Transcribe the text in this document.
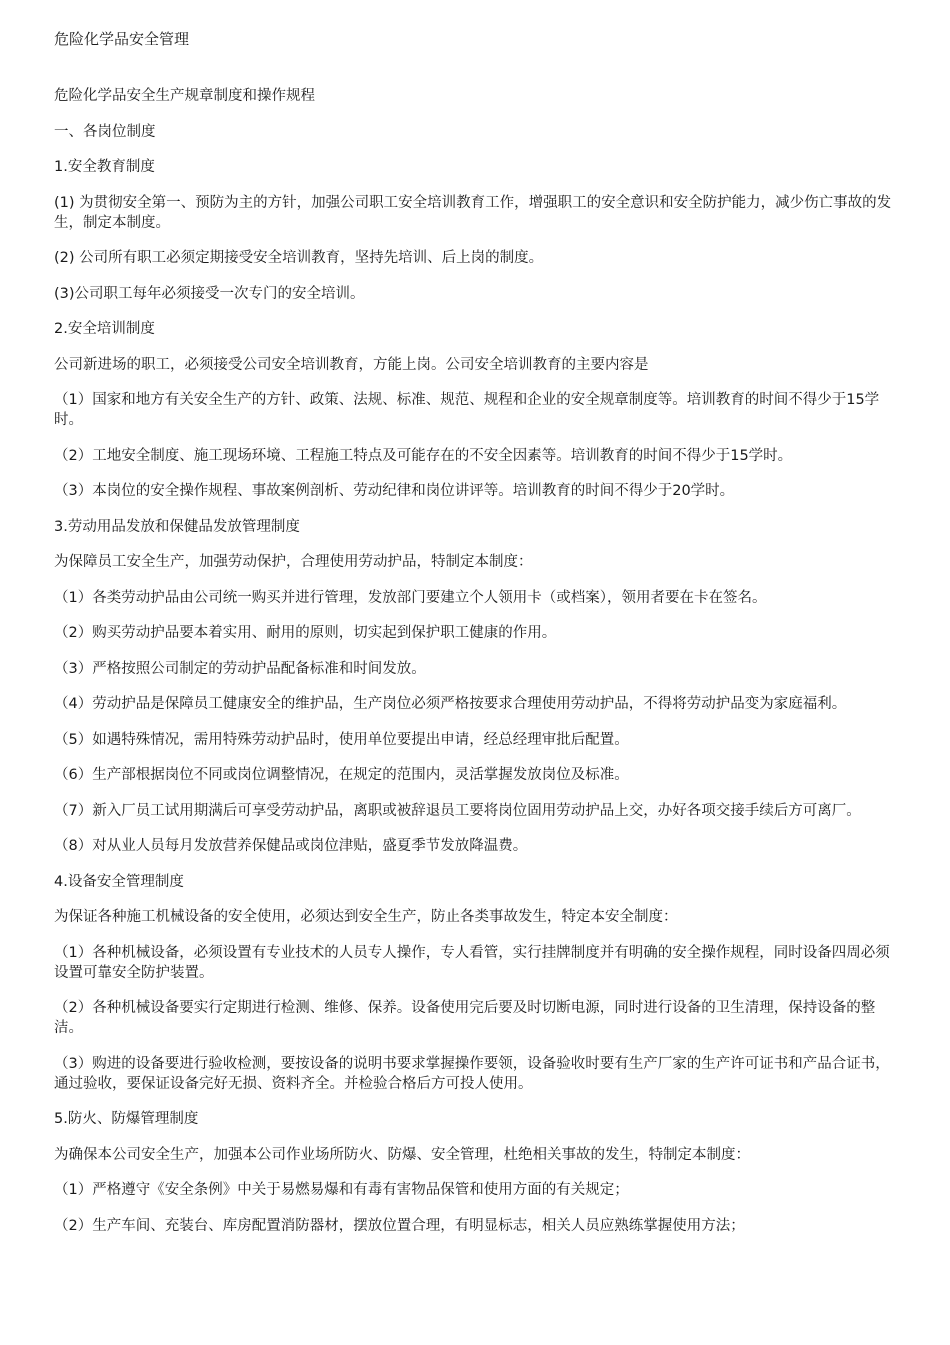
危险化学品安全管理
危险化学品安全生产规章制度和操作规程
一、各岗位制度
1.安全教育制度
(1) 为贯彻安全第一、预防为主的方针，加强公司职工安全培训教育工作，增强职工的安全意识和安全防护能力，减少伤亡事故的发生，制定本制度。
(2) 公司所有职工必须定期接受安全培训教育，坚持先培训、后上岗的制度。
(3)公司职工每年必须接受一次专门的安全培训。
2.安全培训制度
公司新进场的职工，必须接受公司安全培训教育，方能上岗。公司安全培训教育的主要内容是
（1）国家和地方有关安全生产的方针、政策、法规、标准、规范、规程和企业的安全规章制度等。培训教育的时间不得少于15学时。
（2）工地安全制度、施工现场环境、工程施工特点及可能存在的不安全因素等。培训教育的时间不得少于15学时。
（3）本岗位的安全操作规程、事故案例剖析、劳动纪律和岗位讲评等。培训教育的时间不得少于20学时。
3.劳动用品发放和保健品发放管理制度
为保障员工安全生产，加强劳动保护，合理使用劳动护品，特制定本制度：
（1）各类劳动护品由公司统一购买并进行管理，发放部门要建立个人领用卡（或档案），领用者要在卡在签名。
（2）购买劳动护品要本着实用、耐用的原则，切实起到保护职工健康的作用。
（3）严格按照公司制定的劳动护品配备标准和时间发放。
（4）劳动护品是保障员工健康安全的维护品，生产岗位必须严格按要求合理使用劳动护品，不得将劳动护品变为家庭福利。
（5）如遇特殊情况，需用特殊劳动护品时，使用单位要提出申请，经总经理审批后配置。
（6）生产部根据岗位不同或岗位调整情况，在规定的范围内，灵活掌握发放岗位及标准。
（7）新入厂员工试用期满后可享受劳动护品，离职或被辞退员工要将岗位固用劳动护品上交，办好各项交接手续后方可离厂。
（8）对从业人员每月发放营养保健品或岗位津贴，盛夏季节发放降温费。
4.设备安全管理制度
为保证各种施工机械设备的安全使用，必须达到安全生产，防止各类事故发生，特定本安全制度：
（1）各种机械设备，必须设置有专业技术的人员专人操作，专人看管，实行挂牌制度并有明确的安全操作规程，同时设备四周必须设置可靠安全防护装置。
（2）各种机械设备要实行定期进行检测、维修、保养。设备使用完后要及时切断电源，同时进行设备的卫生清理，保持设备的整洁。
（3）购进的设备要进行验收检测，要按设备的说明书要求掌握操作要领，设备验收时要有生产厂家的生产许可证书和产品合证书，通过验收，要保证设备完好无损、资料齐全。并检验合格后方可投人使用。
5.防火、防爆管理制度
为确保本公司安全生产，加强本公司作业场所防火、防爆、安全管理，杜绝相关事故的发生，特制定本制度：
（1）严格遵守《安全条例》中关于易燃易爆和有毒有害物品保管和使用方面的有关规定；
（2）生产车间、充装台、库房配置消防器材，摆放位置合理，有明显标志，相关人员应熟练掌握使用方法；
